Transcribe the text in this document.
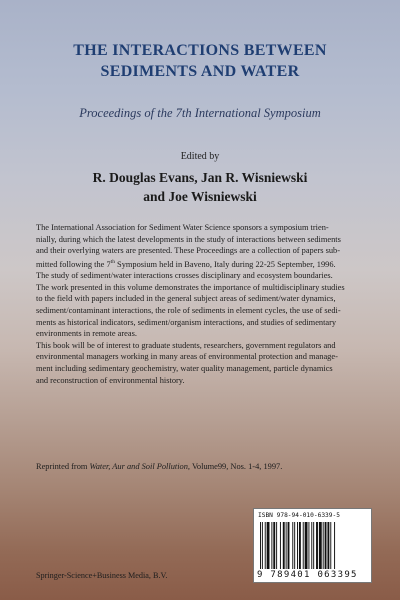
THE INTERACTIONS BETWEEN
SEDIMENTS AND WATER

Proceedings of the 7th International Symposium

Edited by
R. Douglas Evans, Jan R. Wisniewski
and Joe Wisniewski

The International Association for Sediment Water Science sponsors a symposium trien-

nially, during which the latest developments in the study of interactions between sediments

and their overlying waters are presented. These Proceedings are a collection of papers sub-

mitted following the 7th Symposium held in Baveno, Italy during 22-25 September, 1996.

The study of sediment/water interactions crosses disciplinary and ecosystem boundaries.

The work presented in this volume demonstrates the importance of multidisciplinary studies

to the field with papers included in the general subject areas of sediment/water dynamics,

sediment/contaminant interactions, the role of sediments in element cycles, the use of sedi-

ments as historical indicators, sediment/organism interactions, and studies of sedimentary

environments in remote areas.

This book will be of interest to graduate students, researchers, government regulators and

environmental managers working in many areas of environmental protection and manage-

ment including sedimentary geochemistry, water quality management, particle dynamics

and reconstruction of environmental history.

Reprinted from Water, Aur and Soil Pollution, Volume99, Nos. 1-4, 1997.
ISBN 978-94-010-6339-5
9 789401 063395
Springer-Science+Business Media, B.V.
